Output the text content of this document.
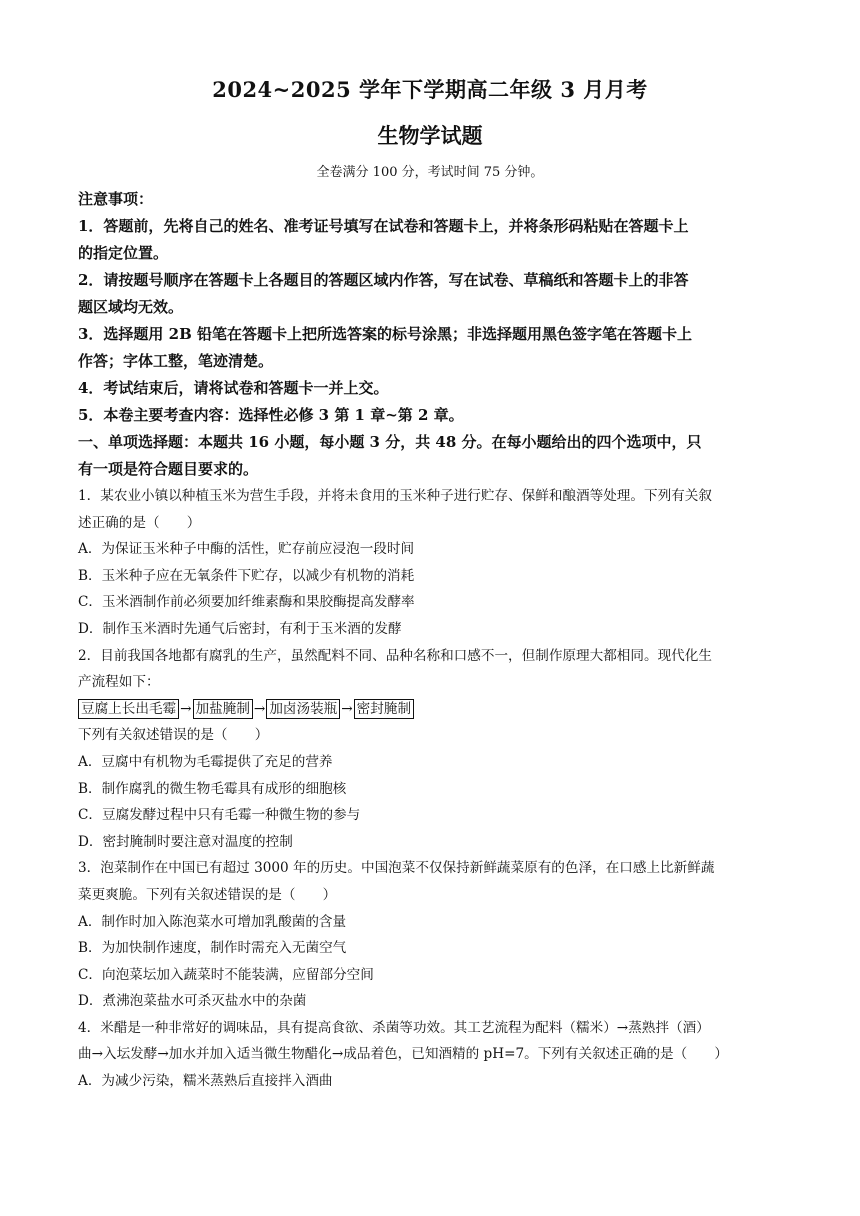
2024~2025 学年下学期高二年级 3 月月考
生物学试题
全卷满分 100 分，考试时间 75 分钟。
注意事项：
1．答题前，先将自己的姓名、准考证号填写在试卷和答题卡上，并将条形码粘贴在答题卡上
的指定位置。
2．请按题号顺序在答题卡上各题目的答题区域内作答，写在试卷、草稿纸和答题卡上的非答
题区域均无效。
3．选择题用 2B 铅笔在答题卡上把所选答案的标号涂黑；非选择题用黑色签字笔在答题卡上
作答；字体工整，笔迹清楚。
4．考试结束后，请将试卷和答题卡一并上交。
5．本卷主要考查内容：选择性必修 3 第 1 章~第 2 章。
一、单项选择题：本题共 16 小题，每小题 3 分，共 48 分。在每小题给出的四个选项中，只
有一项是符合题目要求的。
1．某农业小镇以种植玉米为营生手段，并将未食用的玉米种子进行贮存、保鲜和酿酒等处理。下列有关叙
述正确的是（　　）
A．为保证玉米种子中酶的活性，贮存前应浸泡一段时间
B．玉米种子应在无氧条件下贮存，以减少有机物的消耗
C．玉米酒制作前必须要加纤维素酶和果胶酶提高发酵率
D．制作玉米酒时先通气后密封，有利于玉米酒的发酵
2．目前我国各地都有腐乳的生产，虽然配料不同、品种名称和口感不一，但制作原理大都相同。现代化生
产流程如下：
豆腐上长出毛霉 → 加盐腌制 → 加卤汤装瓶 → 密封腌制
下列有关叙述错误的是（　　）
A．豆腐中有机物为毛霉提供了充足的营养
B．制作腐乳的微生物毛霉具有成形的细胞核
C．豆腐发酵过程中只有毛霉一种微生物的参与
D．密封腌制时要注意对温度的控制
3．泡菜制作在中国已有超过 3000 年的历史。中国泡菜不仅保持新鲜蔬菜原有的色泽，在口感上比新鲜蔬
菜更爽脆。下列有关叙述错误的是（　　）
A．制作时加入陈泡菜水可增加乳酸菌的含量
B．为加快制作速度，制作时需充入无菌空气
C．向泡菜坛加入蔬菜时不能装满，应留部分空间
D．煮沸泡菜盐水可杀灭盐水中的杂菌
4．米醋是一种非常好的调味品，具有提高食欲、杀菌等功效。其工艺流程为配料（糯米）→蒸熟拌（酒）
曲→入坛发酵→加水并加入适当微生物醋化→成品着色，已知酒精的 pH=7。下列有关叙述正确的是（　　）
A．为减少污染，糯米蒸熟后直接拌入酒曲
